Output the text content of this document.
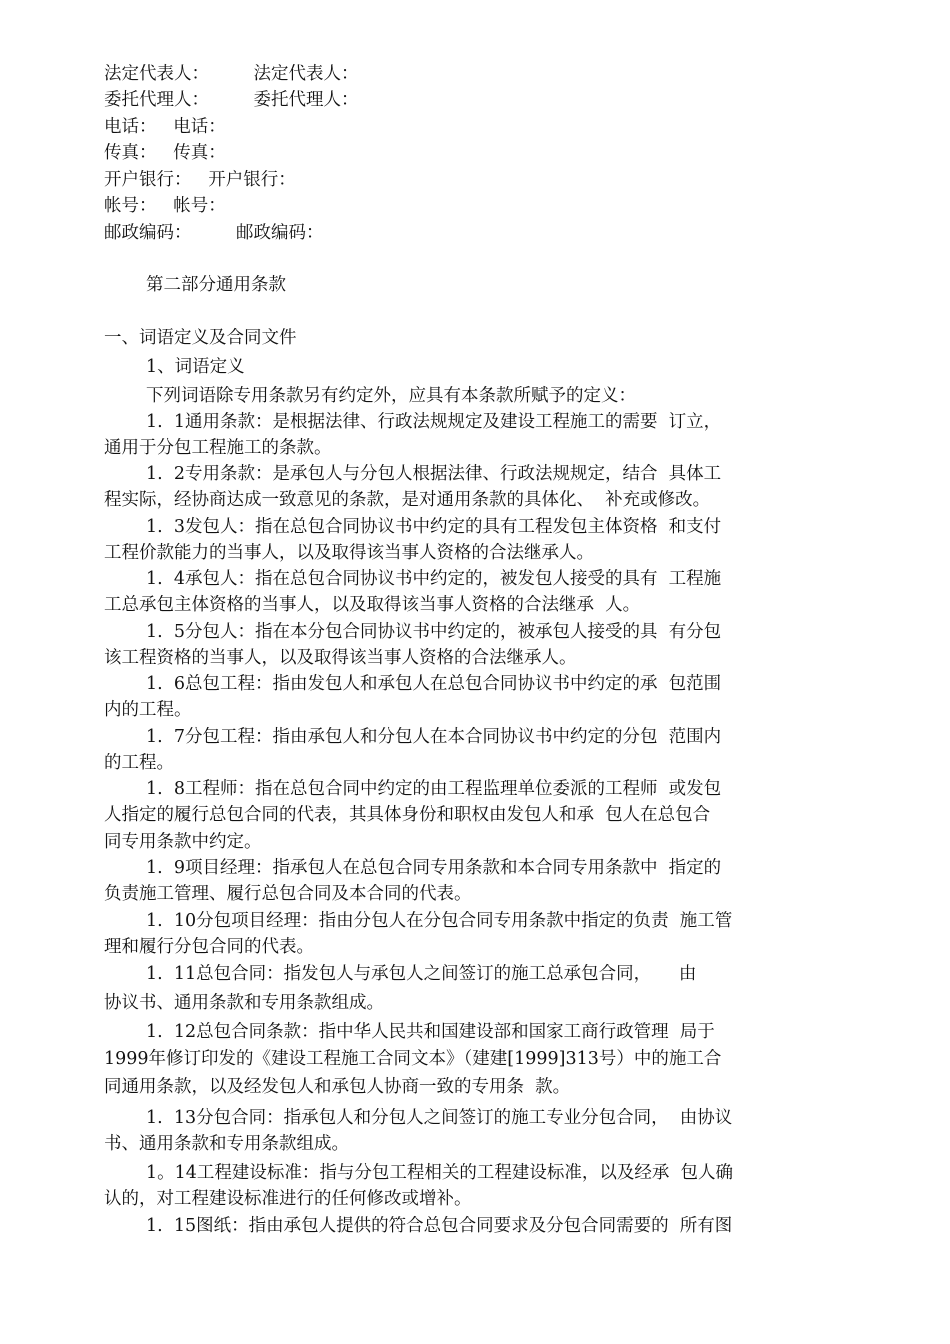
法定代表人：        法定代表人：
委托代理人：        委托代理人：
电话：   电话：
传真：   传真：
开户银行：   开户银行：
帐号：   帐号：
邮政编码：        邮政编码：
第二部分通用条款
一、词语定义及合同文件
1、词语定义
下列词语除专用条款另有约定外，应具有本条款所赋予的定义：
1.  1通用条款：是根据法律、行政法规规定及建设工程施工的需要  订立，
通用于分包工程施工的条款。
1.  2专用条款：是承包人与分包人根据法律、行政法规规定，结合  具体工
程实际，经协商达成一致意见的条款，是对通用条款的具体化、  补充或修改。
1.  3发包人：指在总包合同协议书中约定的具有工程发包主体资格  和支付
工程价款能力的当事人，以及取得该当事人资格的合法继承人。
1.  4承包人：指在总包合同协议书中约定的，被发包人接受的具有  工程施
工总承包主体资格的当事人，以及取得该当事人资格的合法继承  人。
1.  5分包人：指在本分包合同协议书中约定的，被承包人接受的具  有分包
该工程资格的当事人，以及取得该当事人资格的合法继承人。
1.  6总包工程：指由发包人和承包人在总包合同协议书中约定的承  包范围
内的工程。
1.  7分包工程：指由承包人和分包人在本合同协议书中约定的分包  范围内
的工程。
1.  8工程师：指在总包合同中约定的由工程监理单位委派的工程师  或发包
人指定的履行总包合同的代表，其具体身份和职权由发包人和承  包人在总包合
同专用条款中约定。
1.  9项目经理：指承包人在总包合同专用条款和本合同专用条款中  指定的
负责施工管理、履行总包合同及本合同的代表。
1.  10分包项目经理：指由分包人在分包合同专用条款中指定的负责  施工管
理和履行分包合同的代表。
1.  11总包合同：指发包人与承包人之间签订的施工总承包合同，     由
协议书、通用条款和专用条款组成。
1.  12总包合同条款：指中华人民共和国建设部和国家工商行政管理  局于
1999年修订印发的《建设工程施工合同文本》（建建[1999]313号）中的施工合
同通用条款，以及经发包人和承包人协商一致的专用条  款。
1.  13分包合同：指承包人和分包人之间签订的施工专业分包合同，  由协议
书、通用条款和专用条款组成。
1。14工程建设标准：指与分包工程相关的工程建设标准，以及经承  包人确
认的，对工程建设标准进行的任何修改或增补。
1.  15图纸：指由承包人提供的符合总包合同要求及分包合同需要的  所有图
